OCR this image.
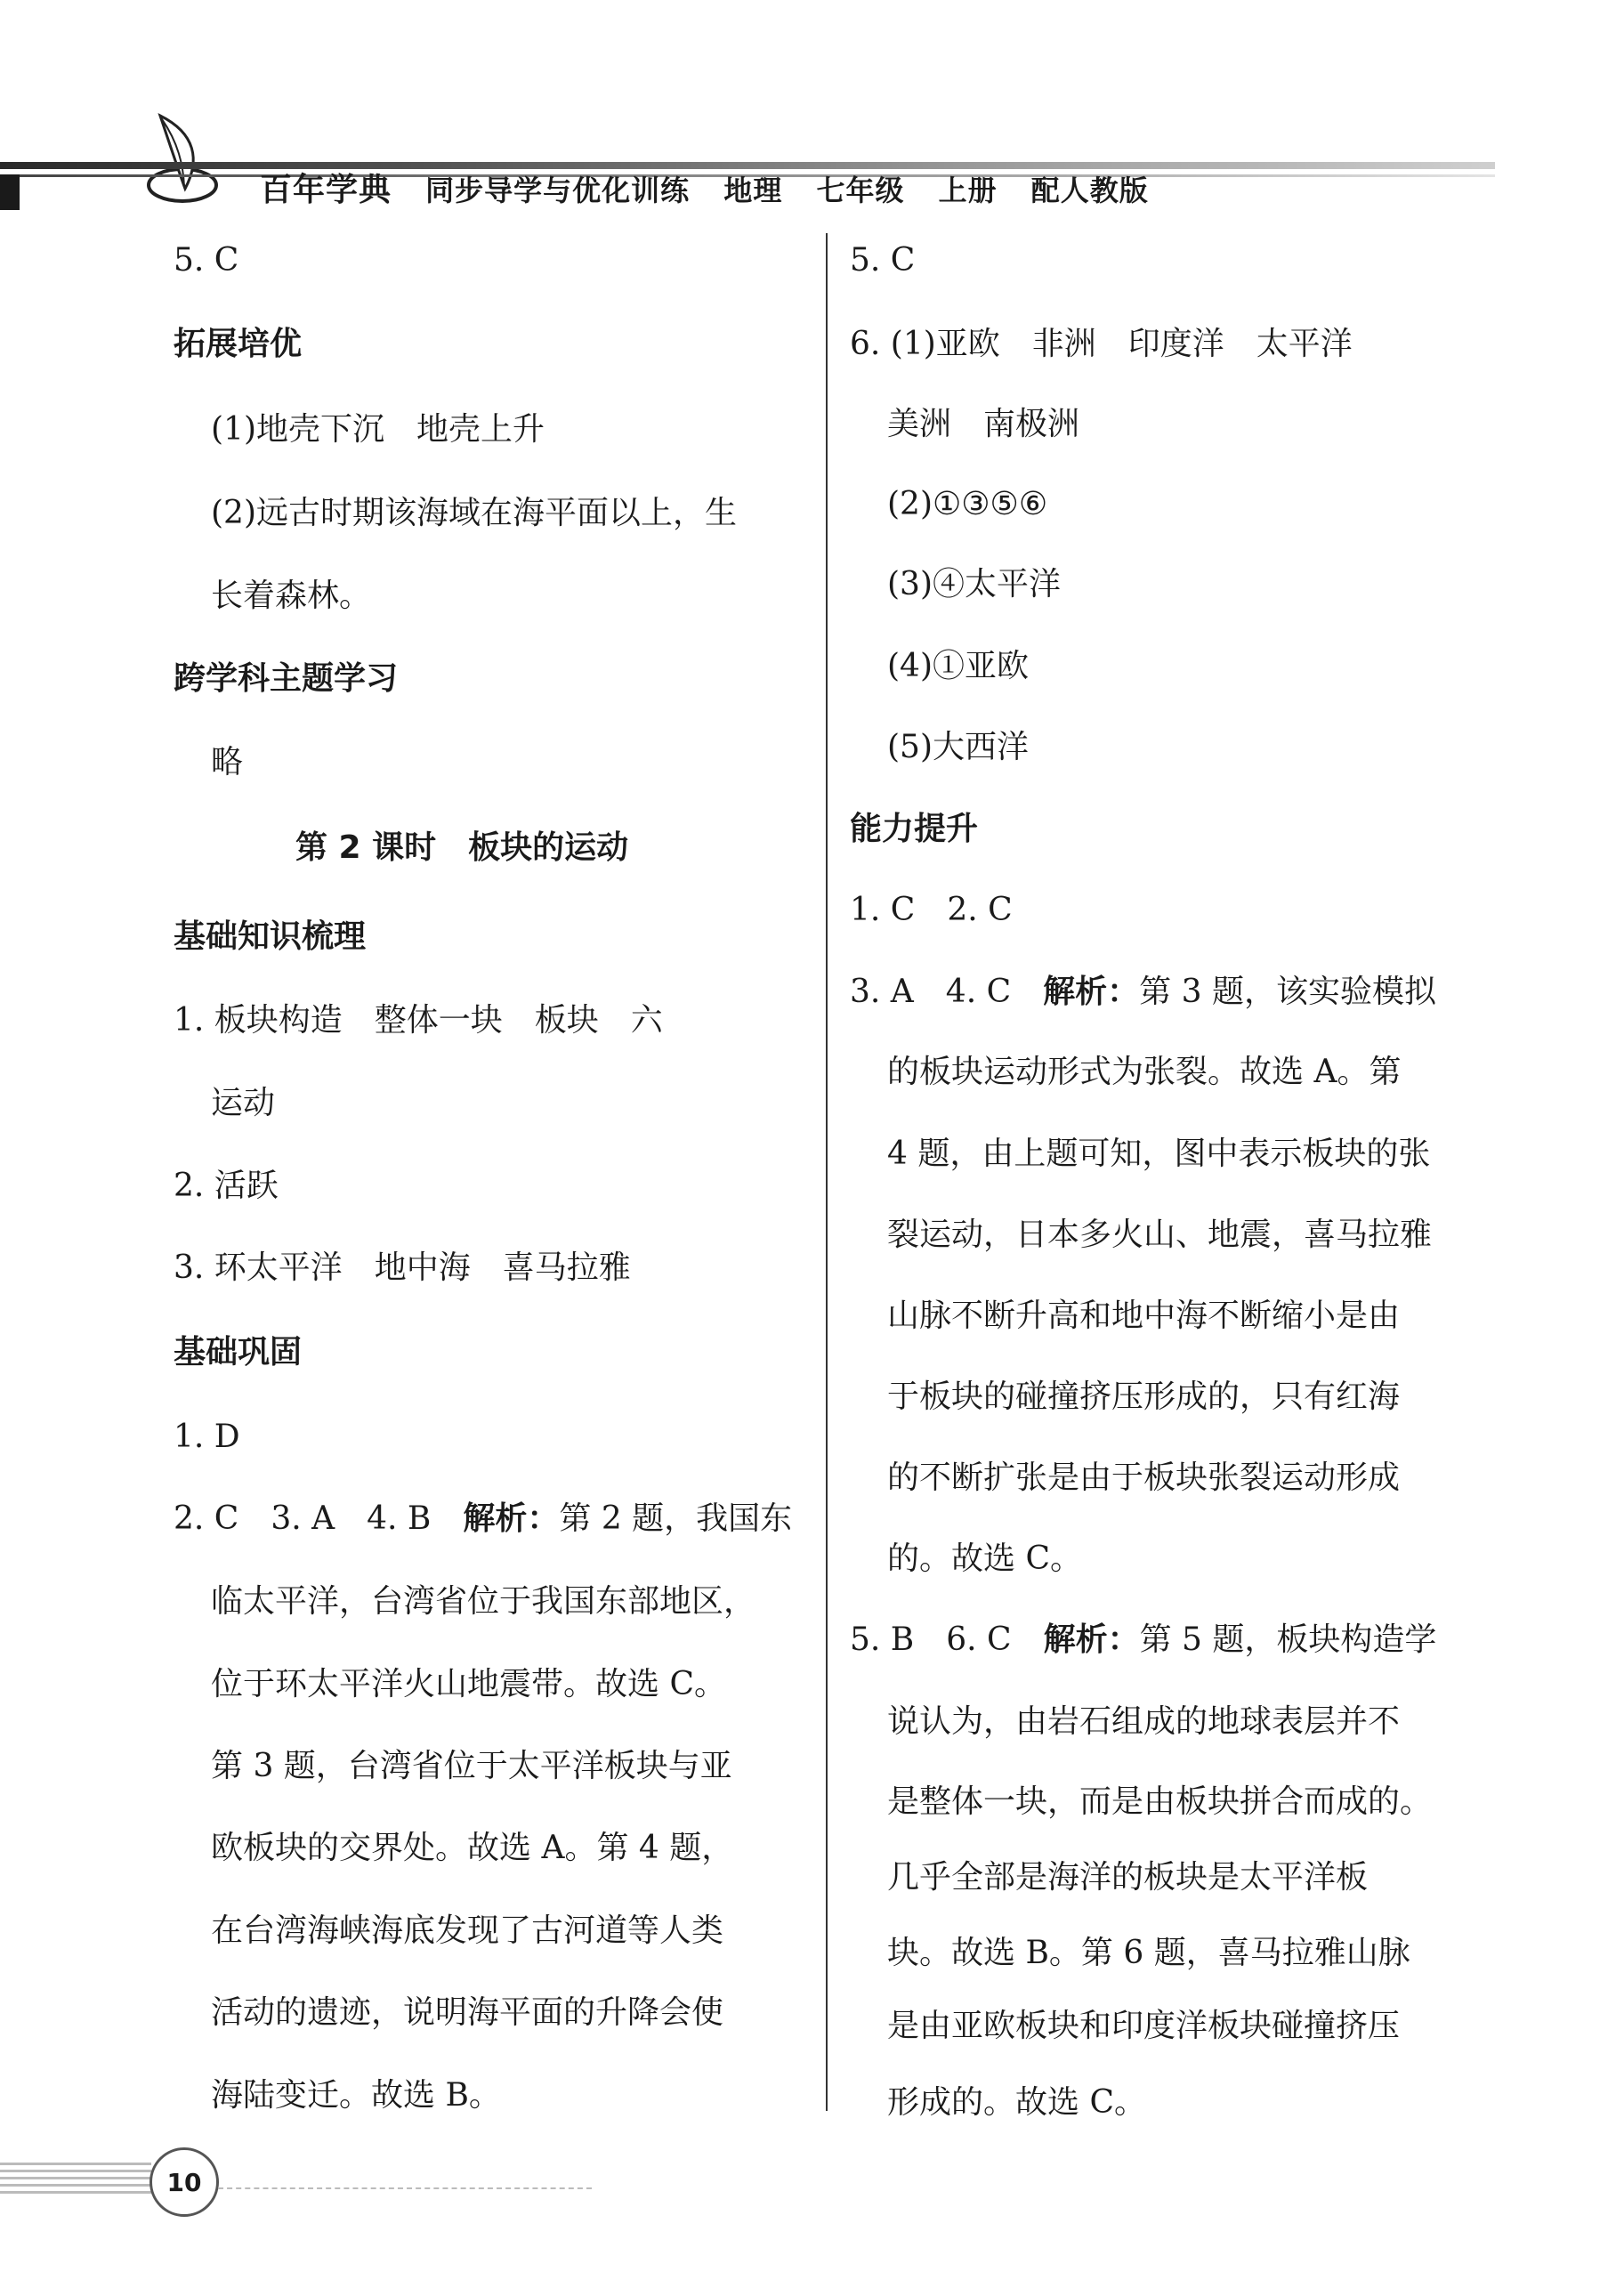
百年学典 同步导学与优化训练 地理 七年级 上册 配人教版
5. C
拓展培优
(1)地壳下沉　地壳上升
(2)远古时期该海域在海平面以上，生
长着森林。
跨学科主题学习
略
第 2 课时　板块的运动
基础知识梳理
1. 板块构造　整体一块　板块　六
运动
2. 活跃
3. 环太平洋　地中海　喜马拉雅
基础巩固
1. D
2. C　3. A　4. B　解析：第 2 题，我国东
临太平洋，台湾省位于我国东部地区，
位于环太平洋火山地震带。故选 C。
第 3 题，台湾省位于太平洋板块与亚
欧板块的交界处。故选 A。第 4 题，
在台湾海峡海底发现了古河道等人类
活动的遗迹，说明海平面的升降会使
海陆变迁。故选 B。
5. C
6. (1)亚欧　非洲　印度洋　太平洋
美洲　南极洲
(2)①③⑤⑥
(3)④太平洋
(4)①亚欧
(5)大西洋
能力提升
1. C　2. C
3. A　4. C　解析：第 3 题，该实验模拟
的板块运动形式为张裂。故选 A。第
4 题，由上题可知，图中表示板块的张
裂运动，日本多火山、地震，喜马拉雅
山脉不断升高和地中海不断缩小是由
于板块的碰撞挤压形成的，只有红海
的不断扩张是由于板块张裂运动形成
的。故选 C。
5. B　6. C　解析：第 5 题，板块构造学
说认为，由岩石组成的地球表层并不
是整体一块，而是由板块拼合而成的。
几乎全部是海洋的板块是太平洋板
块。故选 B。第 6 题，喜马拉雅山脉
是由亚欧板块和印度洋板块碰撞挤压
形成的。故选 C。
10
